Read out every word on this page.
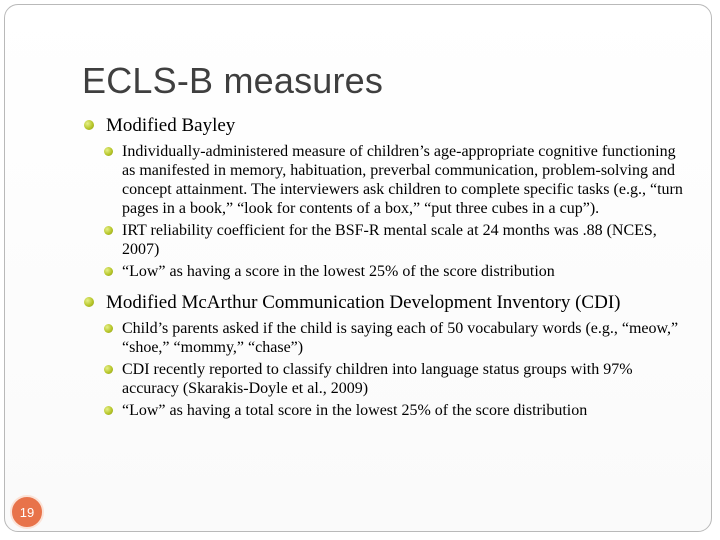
ECLS-B measures
Modified Bayley
Individually-administered measure of children’s age-appropriate cognitive functioning as manifested in memory, habituation, preverbal communication, problem-solving and concept attainment. The interviewers ask children to complete specific tasks (e.g., “turn pages in a book,” “look for contents of a box,” “put three cubes in a cup”).
IRT reliability coefficient for the BSF-R mental scale at 24 months was .88 (NCES, 2007)
“Low” as having a score in the lowest 25% of the score distribution
Modified McArthur Communication Development Inventory (CDI)
Child’s parents asked if the child is saying each of 50 vocabulary words (e.g., “meow,” “shoe,” “mommy,” “chase”)
CDI recently reported to classify children into language status groups with 97% accuracy (Skarakis-Doyle et al., 2009)
“Low” as having a total score in the lowest 25% of the score distribution
19
